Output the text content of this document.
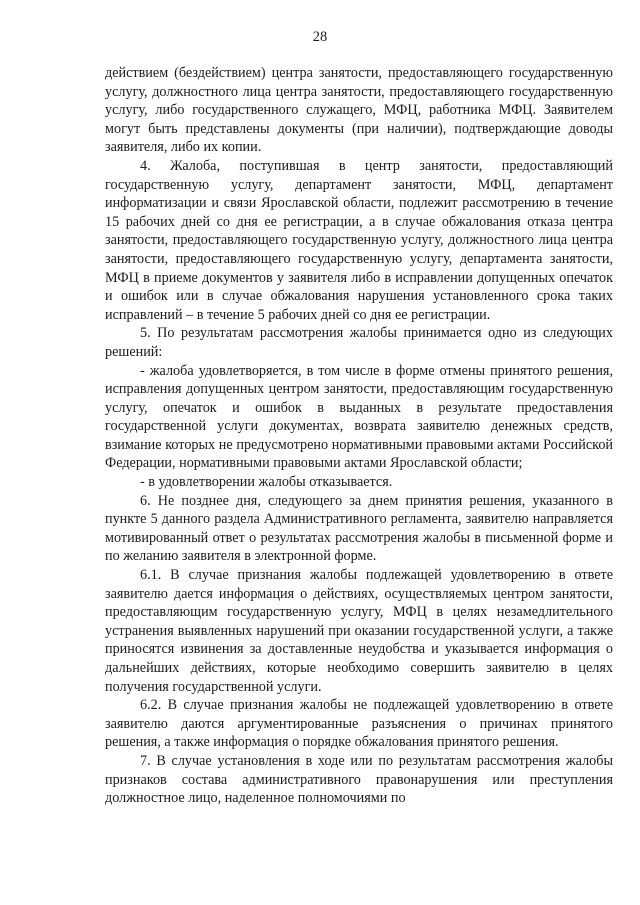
28

действием (бездействием) центра занятости, предоставляющего государственную услугу, должностного лица центра занятости, предоставляющего государственную услугу, либо государственного служащего, МФЦ, работника МФЦ. Заявителем могут быть представлены документы (при наличии), подтверждающие доводы заявителя, либо их копии.

4. Жалоба, поступившая в центр занятости, предоставляющий государственную услугу, департамент занятости, МФЦ, департамент информатизации и связи Ярославской области, подлежит рассмотрению в течение 15 рабочих дней со дня ее регистрации, а в случае обжалования отказа центра занятости, предоставляющего государственную услугу, должностного лица центра занятости, предоставляющего государственную услугу, департамента занятости, МФЦ в приеме документов у заявителя либо в исправлении допущенных опечаток и ошибок или в случае обжалования нарушения установленного срока таких исправлений – в течение 5 рабочих дней со дня ее регистрации.

5. По результатам рассмотрения жалобы принимается одно из следующих решений:

- жалоба удовлетворяется, в том числе в форме отмены принятого решения, исправления допущенных центром занятости, предоставляющим государственную услугу, опечаток и ошибок в выданных в результате предоставления государственной услуги документах, возврата заявителю денежных средств, взимание которых не предусмотрено нормативными правовыми актами Российской Федерации, нормативными правовыми актами Ярославской области;

- в удовлетворении жалобы отказывается.

6. Не позднее дня, следующего за днем принятия решения, указанного в пункте 5 данного раздела Административного регламента, заявителю направляется мотивированный ответ о результатах рассмотрения жалобы в письменной форме и по желанию заявителя в электронной форме.

6.1. В случае признания жалобы подлежащей удовлетворению в ответе заявителю дается информация о действиях, осуществляемых центром занятости, предоставляющим государственную услугу, МФЦ в целях незамедлительного устранения выявленных нарушений при оказании государственной услуги, а также приносятся извинения за доставленные неудобства и указывается информация о дальнейших действиях, которые необходимо совершить заявителю в целях получения государственной услуги.

6.2. В случае признания жалобы не подлежащей удовлетворению в ответе заявителю даются аргументированные разъяснения о причинах принятого решения, а также информация о порядке обжалования принятого решения.

7. В случае установления в ходе или по результатам рассмотрения жалобы признаков состава административного правонарушения или преступления должностное лицо, наделенное полномочиями по
